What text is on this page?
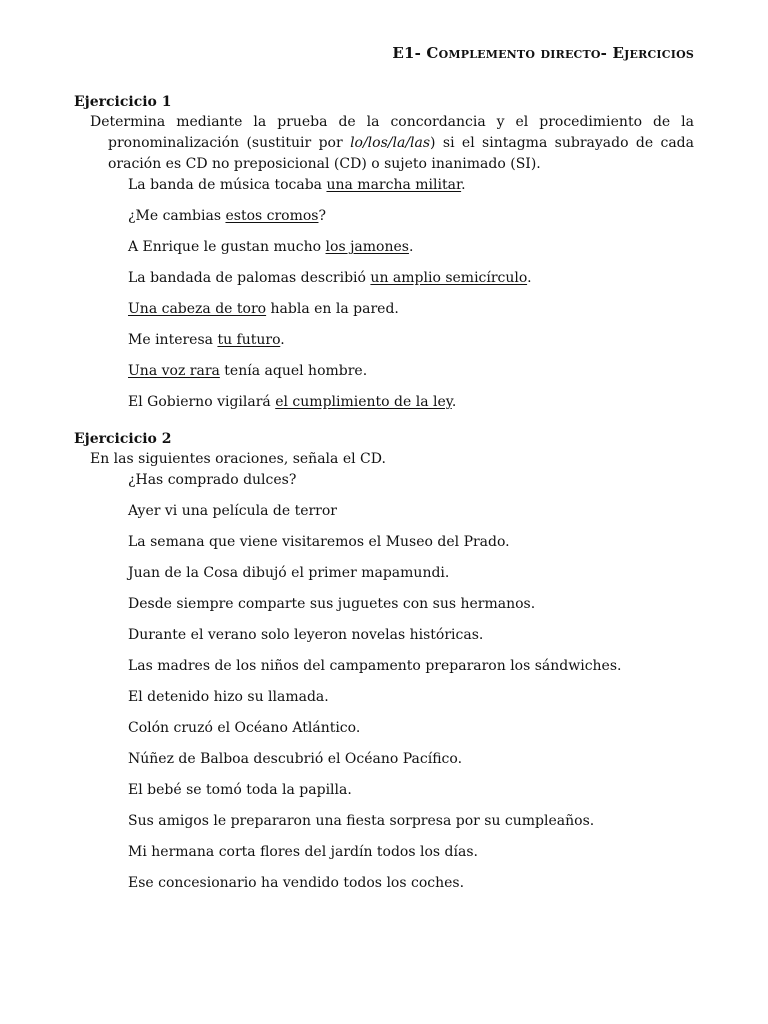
E1- Complemento directo- Ejercicios

Ejercicicio 1

Determina mediante la prueba de la concordancia y el procedimiento de la pronominalización (sustituir por lo/los/la/las) si el sintagma subrayado de cada oración es CD no preposicional (CD) o sujeto inanimado (SI).

La banda de música tocaba una marcha militar.
¿Me cambias estos cromos?
A Enrique le gustan mucho los jamones.
La bandada de palomas describió un amplio semicírculo.
Una cabeza de toro habla en la pared.
Me interesa tu futuro.
Una voz rara tenía aquel hombre.
El Gobierno vigilará el cumplimiento de la ley.

Ejercicicio 2

En las siguientes oraciones, señala el CD.

¿Has comprado dulces?
Ayer vi una película de terror
La semana que viene visitaremos el Museo del Prado.
Juan de la Cosa dibujó el primer mapamundi.
Desde siempre comparte sus juguetes con sus hermanos.
Durante el verano solo leyeron novelas históricas.
Las madres de los niños del campamento prepararon los sándwiches.
El detenido hizo su llamada.
Colón cruzó el Océano Atlántico.
Núñez de Balboa descubrió el Océano Pacífico.
El bebé se tomó toda la papilla.
Sus amigos le prepararon una fiesta sorpresa por su cumpleaños.
Mi hermana corta flores del jardín todos los días.
Ese concesionario ha vendido todos los coches.
